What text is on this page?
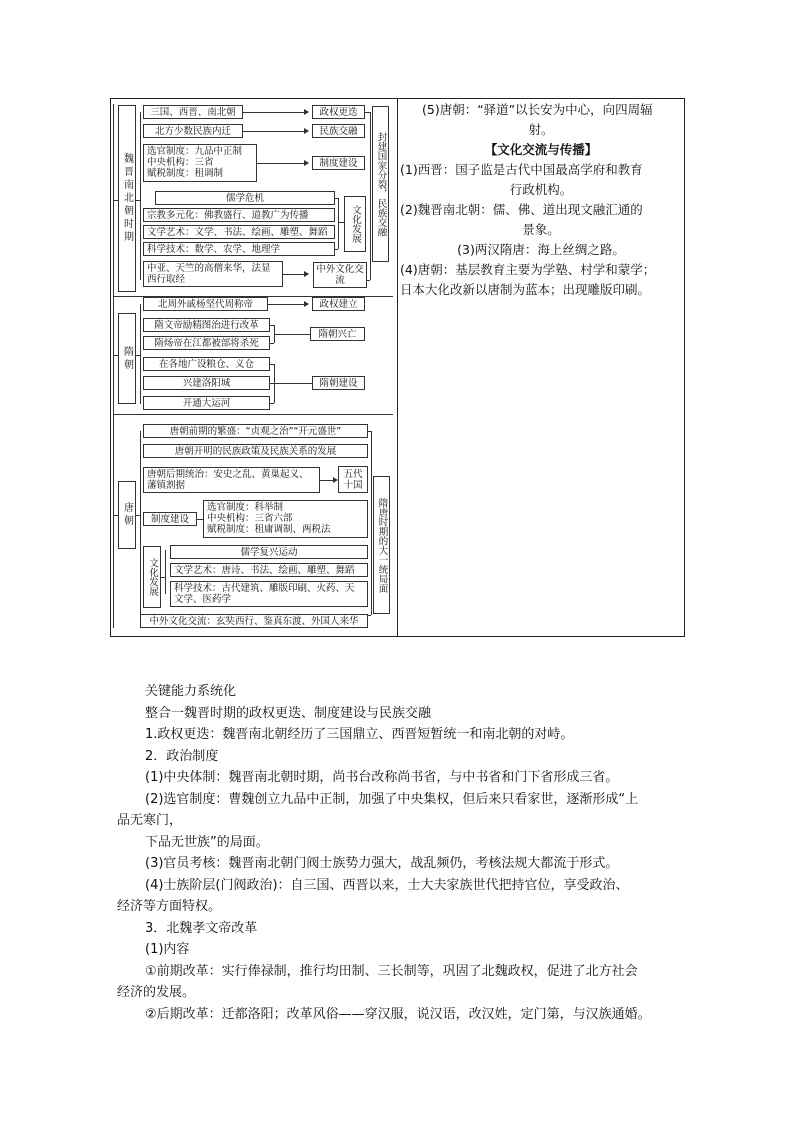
魏晋南北朝时期
三国、西晋、南北朝	政权更迭
北方少数民族内迁	民族交融
选官制度：九品中正制
中央机构：三省
赋税制度：租调制
制度建设
儒学危机
宗教多元化：佛教盛行、道教广为传播
文学艺术：文学、书法、绘画、雕塑、舞蹈
科学技术：数学、农学、地理学
文化发展
中亚、天竺的高僧来华，法显
西行取经
中外文化交流
封建国家分裂，民族交融
隋朝
北周外戚杨坚代周称帝	政权建立
隋文帝励精图治进行改革
隋炀帝在江都被部将杀死
隋朝兴亡
在各地广设粮仓、义仓
兴建洛阳城
开通大运河
隋朝建设
唐朝
唐朝前期的繁盛：“贞观之治”“开元盛世”
唐朝开明的民族政策及民族关系的发展
唐朝后期统治：安史之乱、黄巢起义、
藩镇割据
五代十国
制度建设
选官制度：科举制
中央机构：三省六部
赋税制度：租庸调制、两税法
文化发展
儒学复兴运动
文学艺术：唐诗、书法、绘画、雕塑、舞蹈
科学技术：古代建筑、雕版印刷、火药、天
文学、医药学
中外文化交流：玄奘西行、鉴真东渡、外国人来华
隋唐时期的大一统局面

(5)唐朝：“驿道”以长安为中心，向四周辐

射。

【文化交流与传播】

(1)西晋：国子监是古代中国最高学府和教育

行政机构。

(2)魏晋南北朝：儒、佛、道出现文融汇通的

景象。

(3)两汉隋唐：海上丝绸之路。

(4)唐朝：基层教育主要为学塾、村学和蒙学；

日本大化改新以唐制为蓝本；出现雕版印刷。

关键能力系统化

整合一魏晋时期的政权更迭、制度建设与民族交融

1.政权更迭：魏晋南北朝经历了三国鼎立、西晋短暂统一和南北朝的对峙。

2．政治制度

(1)中央体制：魏晋南北朝时期，尚书台改称尚书省，与中书省和门下省形成三省。

(2)选官制度：曹魏创立九品中正制，加强了中央集权，但后来只看家世，逐渐形成“上

品无寒门，

下品无世族”的局面。

(3)官员考核：魏晋南北朝门阀士族势力强大，战乱频仍，考核法规大都流于形式。

(4)士族阶层(门阀政治)：自三国、西晋以来，士大夫家族世代把持官位，享受政治、

经济等方面特权。

3．北魏孝文帝改革

(1)内容

①前期改革：实行俸禄制，推行均田制、三长制等，巩固了北魏政权，促进了北方社会

经济的发展。

②后期改革：迁都洛阳；改革风俗——穿汉服，说汉语，改汉姓，定门第，与汉族通婚。
